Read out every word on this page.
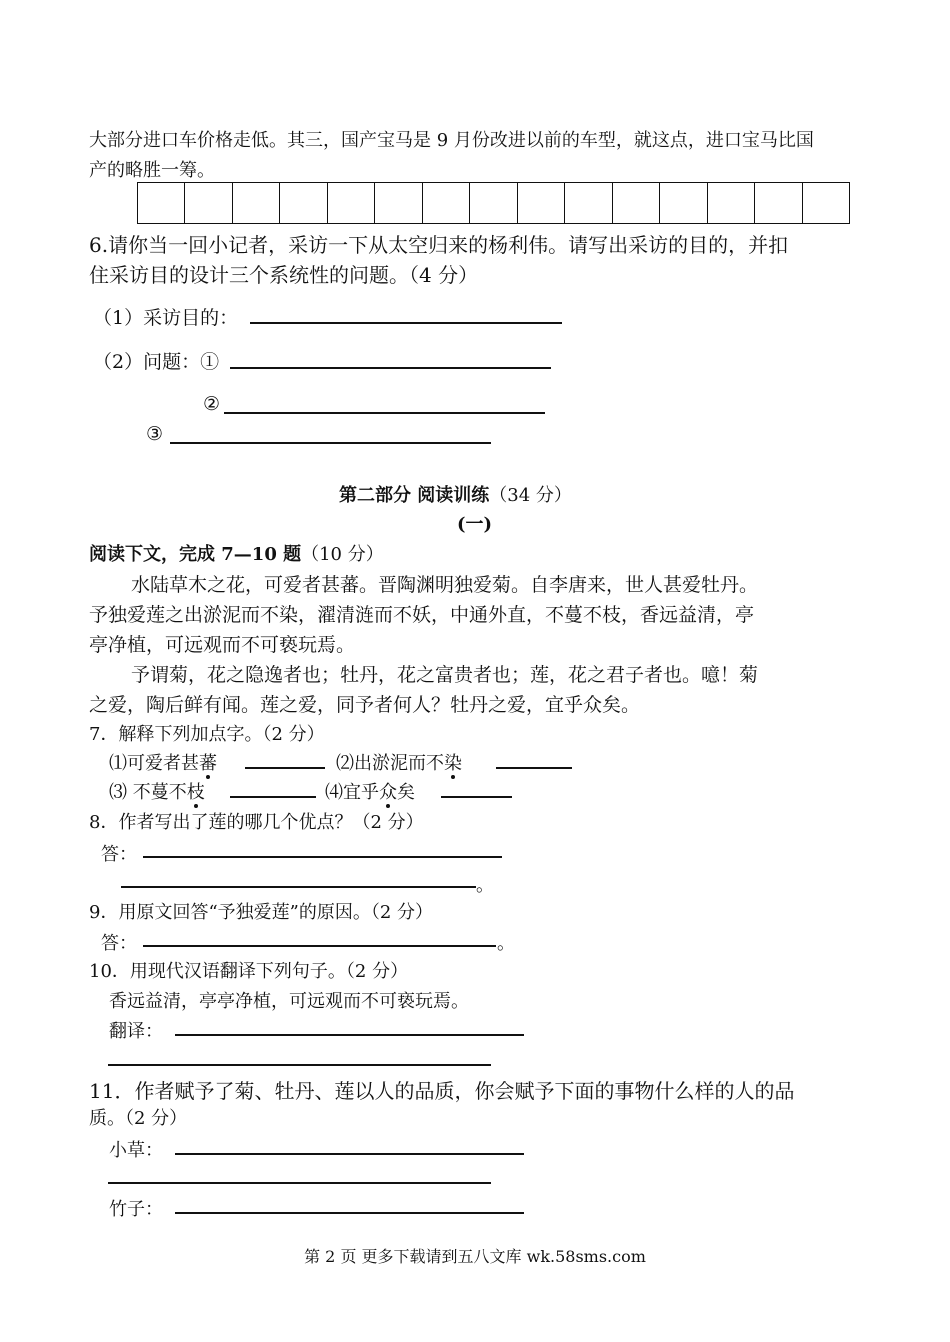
大部分进口车价格走低。其三，国产宝马是 9 月份改进以前的车型，就这点，进口宝马比国
产的略胜一筹。
6.请你当一回小记者，采访一下从太空归来的杨利伟。请写出采访的目的，并扣
住采访目的设计三个系统性的问题。（4 分）
（1）采访目的：
（2）问题：①
②
③
第二部分 阅读训练（34 分）
(一)
阅读下文，完成 7—10 题（10 分）
水陆草木之花，可爱者甚蕃。晋陶渊明独爱菊。自李唐来，世人甚爱牡丹。
予独爱莲之出淤泥而不染，濯清涟而不妖，中通外直，不蔓不枝，香远益清，亭
亭净植，可远观而不可亵玩焉。
予谓菊，花之隐逸者也；牡丹，花之富贵者也；莲，花之君子者也。噫！菊
之爱，陶后鲜有闻。莲之爱，同予者何人？牡丹之爱，宜乎众矣。
7．解释下列加点字。（2 分）
⑴可爱者甚蕃	⑵出淤泥而不染
⑶ 不蔓不枝	⑷宜乎众矣
8．作者写出了莲的哪几个优点？（2 分）
答：
。
9．用原文回答“予独爱莲”的原因。（2 分）
答：	。
10．用现代汉语翻译下列句子。（2 分）
香远益清，亭亭净植，可远观而不可亵玩焉。
翻译：
11．作者赋予了菊、牡丹、莲以人的品质，你会赋予下面的事物什么样的人的品
质。（2 分）
小草：
竹子：
第 2 页 更多下载请到五八文库 wk.58sms.com
